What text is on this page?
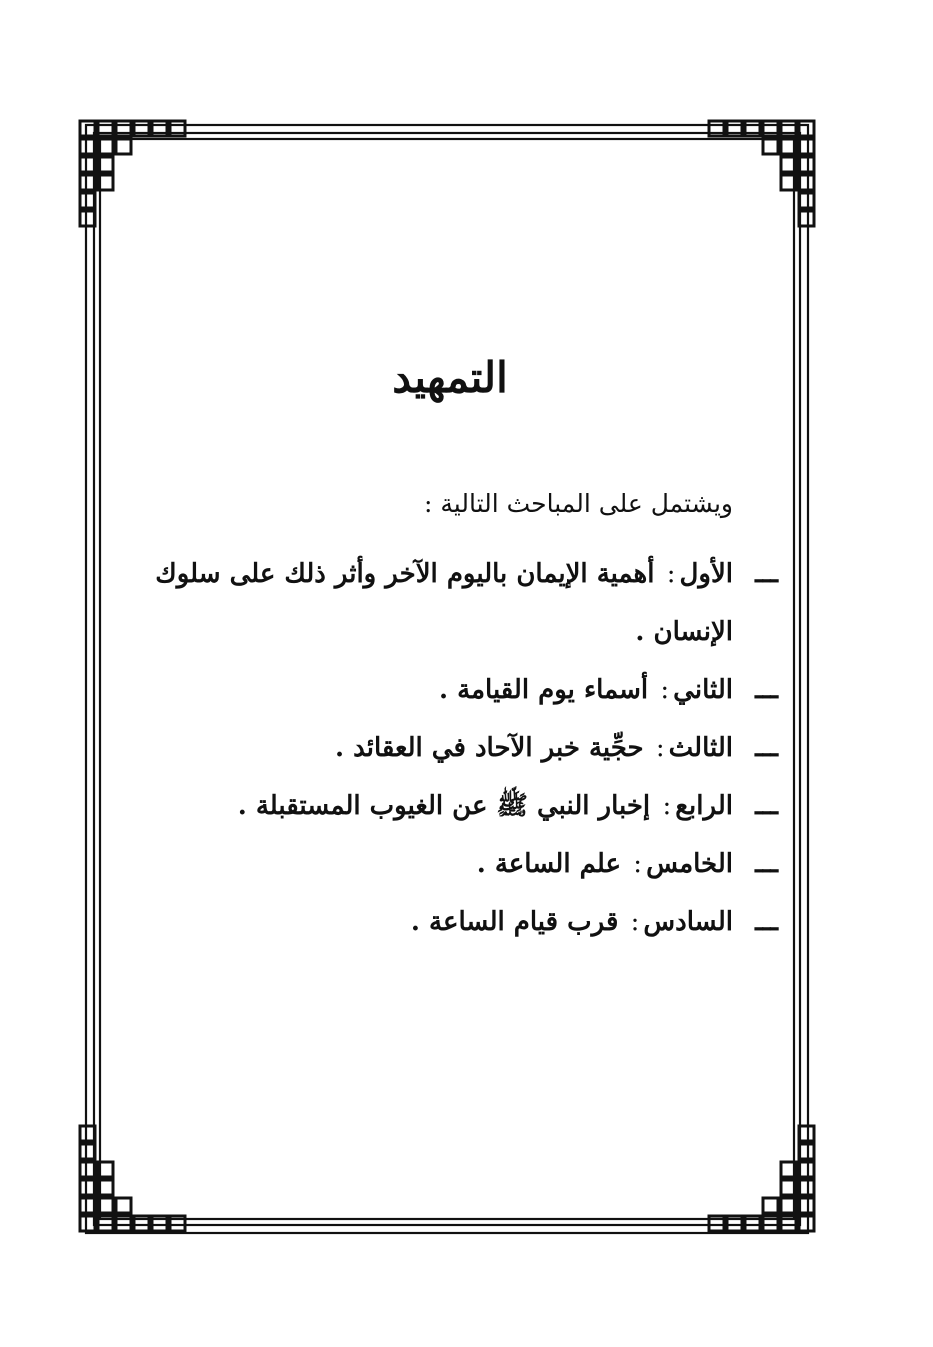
التمهيد

ويشتمل على المباحث التالية :

ـــ
الأول: أهمية الإيمان باليوم الآخر وأثر ذلك على سلوك الإنسان .
ـــ
الثاني: أسماء يوم القيامة .
ـــ
الثالث: حجِّية خبر الآحاد في العقائد .
ـــ
الرابع: إخبار النبي ﷺ عن الغيوب المستقبلة .
ـــ
الخامس: علم الساعة .
ـــ
السادس: قرب قيام الساعة .
